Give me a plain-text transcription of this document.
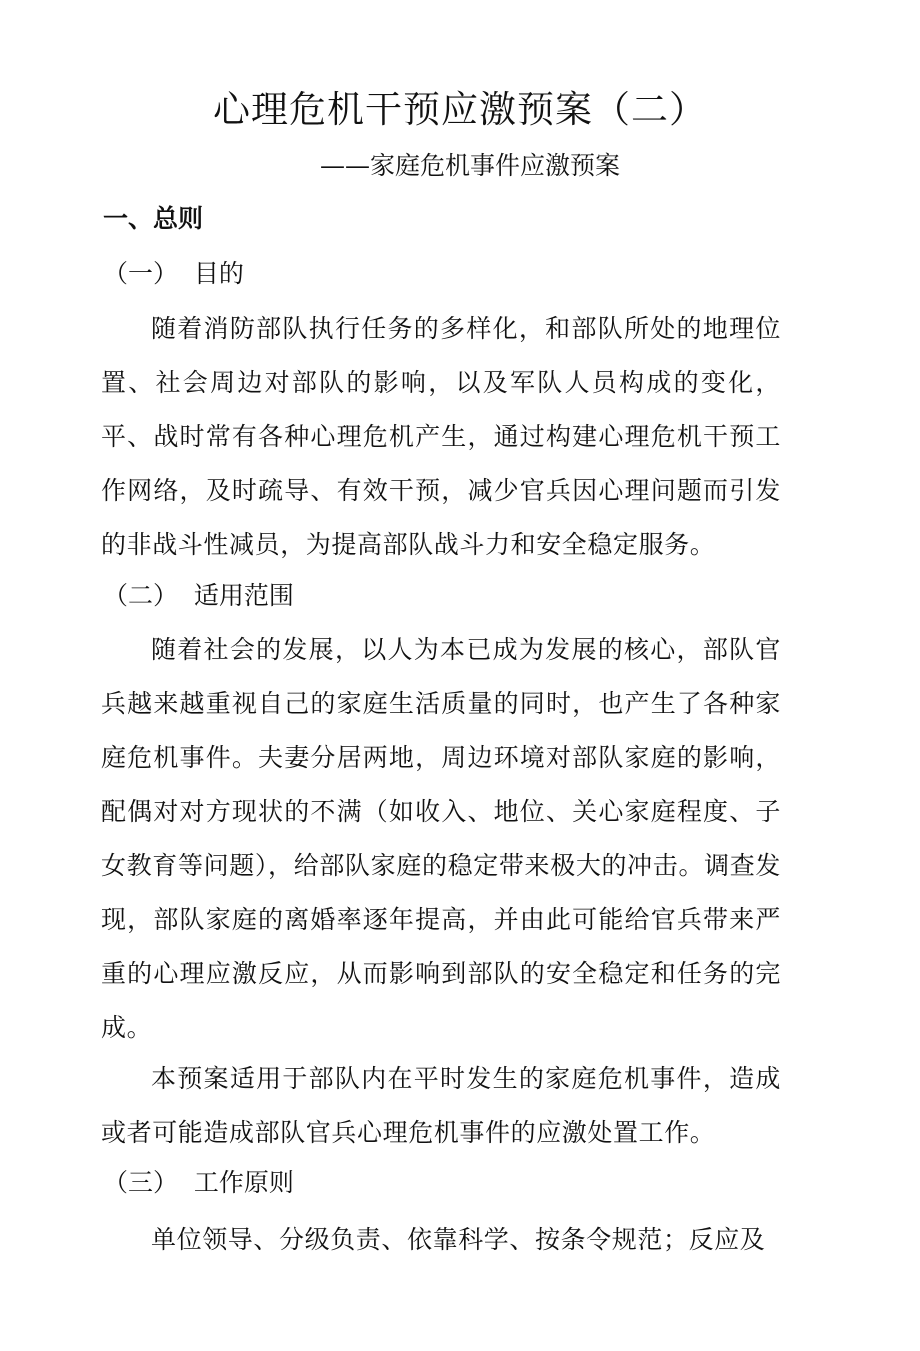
心理危机干预应激预案（二）
——家庭危机事件应激预案
一、总则
（一）  目的

随着消防部队执行任务的多样化，和部队所处的地理位置、社会周边对部队的影响，以及军队人员构成的变化，平、战时常有各种心理危机产生，通过构建心理危机干预工作网络，及时疏导、有效干预，减少官兵因心理问题而引发的非战斗性减员，为提高部队战斗力和安全稳定服务。

（二）  适用范围

随着社会的发展，以人为本已成为发展的核心，部队官兵越来越重视自己的家庭生活质量的同时，也产生了各种家庭危机事件。夫妻分居两地，周边环境对部队家庭的影响，配偶对对方现状的不满（如收入、地位、关心家庭程度、子女教育等问题），给部队家庭的稳定带来极大的冲击。调查发现，部队家庭的离婚率逐年提高，并由此可能给官兵带来严重的心理应激反应，从而影响到部队的安全稳定和任务的完成。

本预案适用于部队内在平时发生的家庭危机事件，造成或者可能造成部队官兵心理危机事件的应激处置工作。

（三）  工作原则

单位领导、分级负责、依靠科学、按条令规范；反应及
